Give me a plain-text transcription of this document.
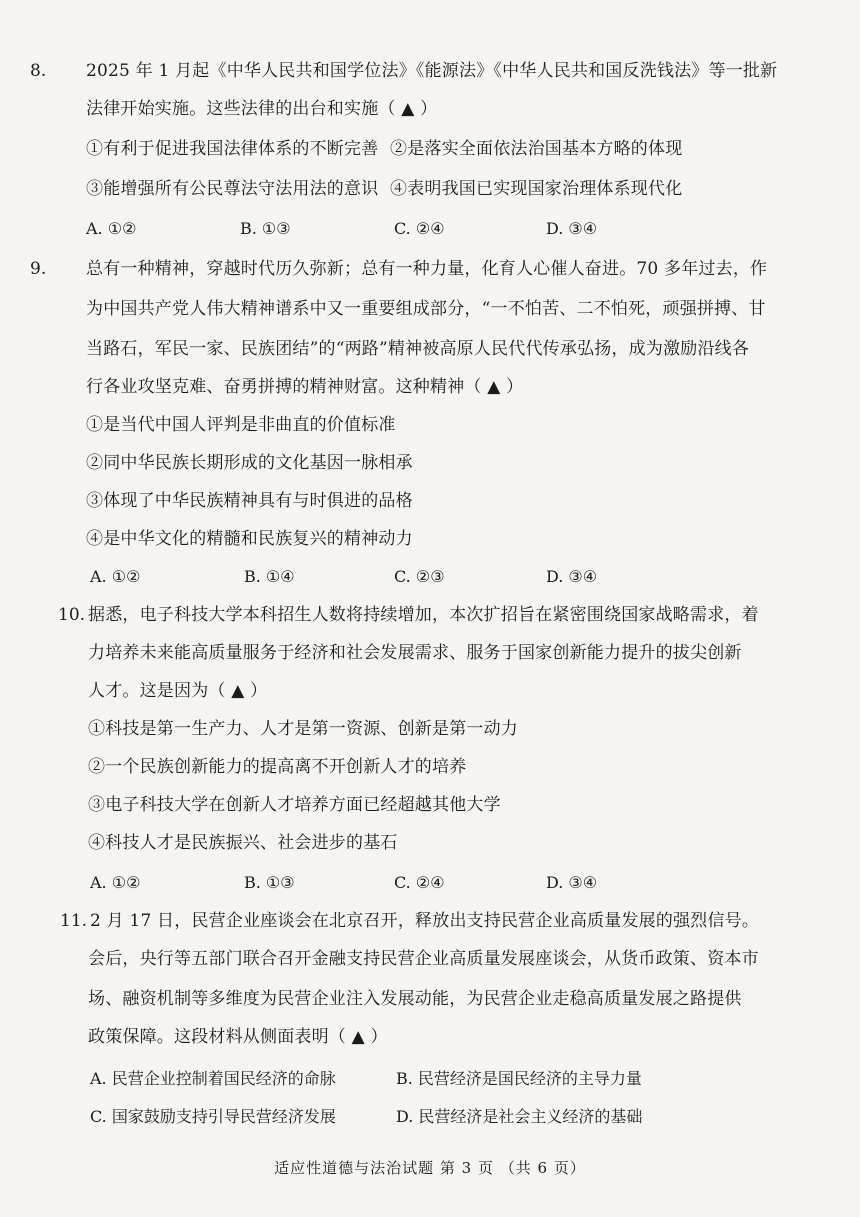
8. 2025 年 1 月起《中华人民共和国学位法》《能源法》《中华人民共和国反洗钱法》等一批新
法律开始实施。这些法律的出台和实施（ ▲ ）
①有利于促进我国法律体系的不断完善 ②是落实全面依法治国基本方略的体现
③能增强所有公民尊法守法用法的意识 ④表明我国已实现国家治理体系现代化
A. ①②	B. ①③	C. ②④	D. ③④
9. 总有一种精神，穿越时代历久弥新；总有一种力量，化育人心催人奋进。70 多年过去，作
为中国共产党人伟大精神谱系中又一重要组成部分，“一不怕苦、二不怕死，顽强拼搏、甘
当路石，军民一家、民族团结”的“两路”精神被高原人民代代传承弘扬，成为激励沿线各
行各业攻坚克难、奋勇拼搏的精神财富。这种精神（ ▲ ）
①是当代中国人评判是非曲直的价值标准
②同中华民族长期形成的文化基因一脉相承
③体现了中华民族精神具有与时俱进的品格
④是中华文化的精髓和民族复兴的精神动力
A. ①②	B. ①④	C. ②③	D. ③④
10. 据悉，电子科技大学本科招生人数将持续增加，本次扩招旨在紧密围绕国家战略需求，着
力培养未来能高质量服务于经济和社会发展需求、服务于国家创新能力提升的拔尖创新
人才。这是因为（ ▲ ）
①科技是第一生产力、人才是第一资源、创新是第一动力
②一个民族创新能力的提高离不开创新人才的培养
③电子科技大学在创新人才培养方面已经超越其他大学
④科技人才是民族振兴、社会进步的基石
A. ①②	B. ①③	C. ②④	D. ③④
11. 2 月 17 日，民营企业座谈会在北京召开，释放出支持民营企业高质量发展的强烈信号。
会后，央行等五部门联合召开金融支持民营企业高质量发展座谈会，从货币政策、资本市
场、融资机制等多维度为民营企业注入发展动能，为民营企业走稳高质量发展之路提供
政策保障。这段材料从侧面表明（ ▲ ）
A. 民营企业控制着国民经济的命脉	B. 民营经济是国民经济的主导力量
C. 国家鼓励支持引导民营经济发展	D. 民营经济是社会主义经济的基础
适应性道德与法治试题 第 3 页 （共 6 页）
